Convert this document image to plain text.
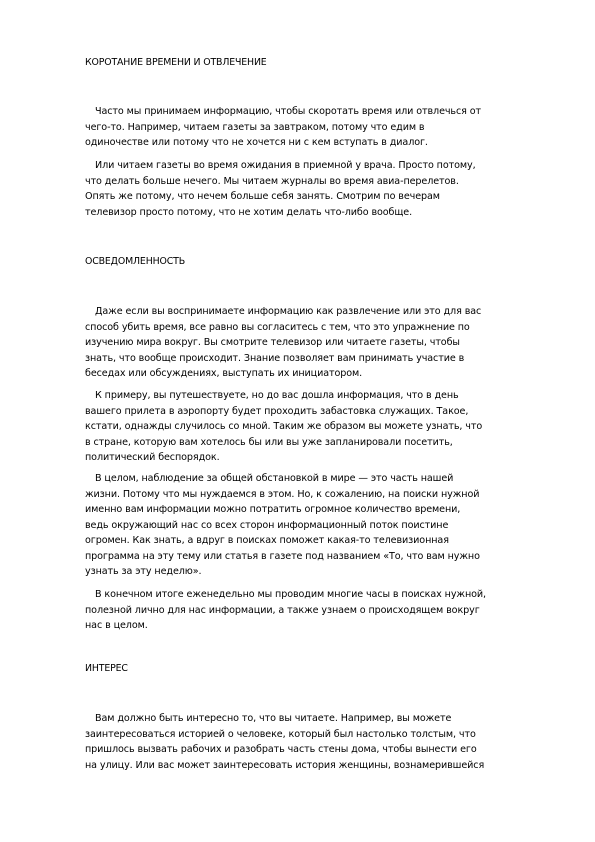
КОРОТАНИЕ ВРЕМЕНИ И ОТВЛЕЧЕНИЕ
Часто мы принимаем информацию, чтобы скоротать время или отвлечься от
чего-то. Например, читаем газеты за завтраком, потому что едим в
одиночестве или потому что не хочется ни с кем вступать в диалог.
Или читаем газеты во время ожидания в приемной у врача. Просто потому,
что делать больше нечего. Мы читаем журналы во время авиа-перелетов.
Опять же потому, что нечем больше себя занять. Смотрим по вечерам
телевизор просто потому, что не хотим делать что-либо вообще.
ОСВЕДОМЛЕННОСТЬ
Даже если вы воспринимаете информацию как развлечение или это для вас
способ убить время, все равно вы согласитесь с тем, что это упражнение по
изучению мира вокруг. Вы смотрите телевизор или читаете газеты, чтобы
знать, что вообще происходит. Знание позволяет вам принимать участие в
беседах или обсуждениях, выступать их инициатором.
К примеру, вы путешествуете, но до вас дошла информация, что в день
вашего прилета в аэропорту будет проходить забастовка служащих. Такое,
кстати, однажды случилось со мной. Таким же образом вы можете узнать, что
в стране, которую вам хотелось бы или вы уже запланировали посетить,
политический беспорядок.
В целом, наблюдение за общей обстановкой в мире — это часть нашей
жизни. Потому что мы нуждаемся в этом. Но, к сожалению, на поиски нужной
именно вам информации можно потратить огромное количество времени,
ведь окружающий нас со всех сторон информационный поток поистине
огромен. Как знать, а вдруг в поисках поможет какая-то телевизионная
программа на эту тему или статья в газете под названием «То, что вам нужно
узнать за эту неделю».
В конечном итоге еженедельно мы проводим многие часы в поисках нужной,
полезной лично для нас информации, а также узнаем о происходящем вокруг
нас в целом.
ИНТЕРЕС
Вам должно быть интересно то, что вы читаете. Например, вы можете
заинтересоваться историей о человеке, который был настолько толстым, что
пришлось вызвать рабочих и разобрать часть стены дома, чтобы вынести его
на улицу. Или вас может заинтересовать история женщины, вознамерившейся
